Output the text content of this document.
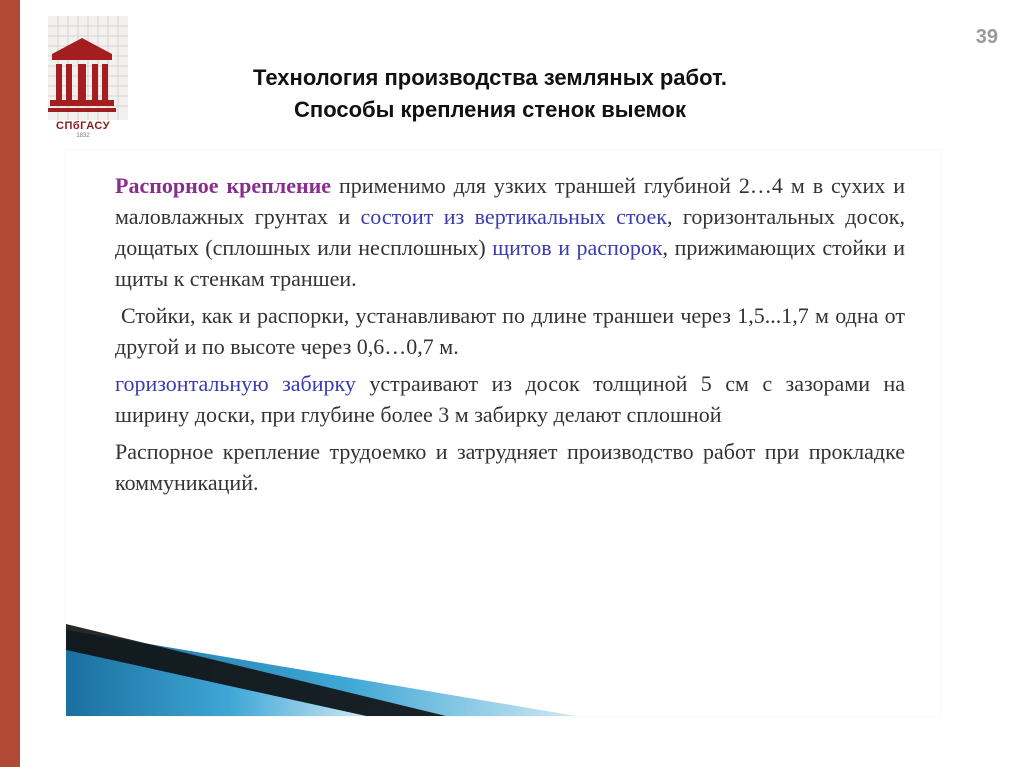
39
СПбГАСУ
1832
Технология производства земляных работ.
Способы крепления стенок выемок

Распорное крепление применимо для узких траншей глубиной 2…4 м в сухих и маловлажных грунтах и состоит из вертикальных стоек, горизонтальных досок, дощатых (сплошных или несплошных) щитов и распорок, прижимающих стойки и щиты к стенкам траншеи.

Стойки, как и распорки, устанавливают по длине траншеи через 1,5...1,7 м одна от другой и по высоте через 0,6…0,7 м.

горизонтальную забирку устраивают из досок толщиной 5 см с зазорами на ширину доски, при глубине более 3 м забирку делают сплошной

Распорное крепление трудоемко и затрудняет производство работ при прокладке коммуникаций.
